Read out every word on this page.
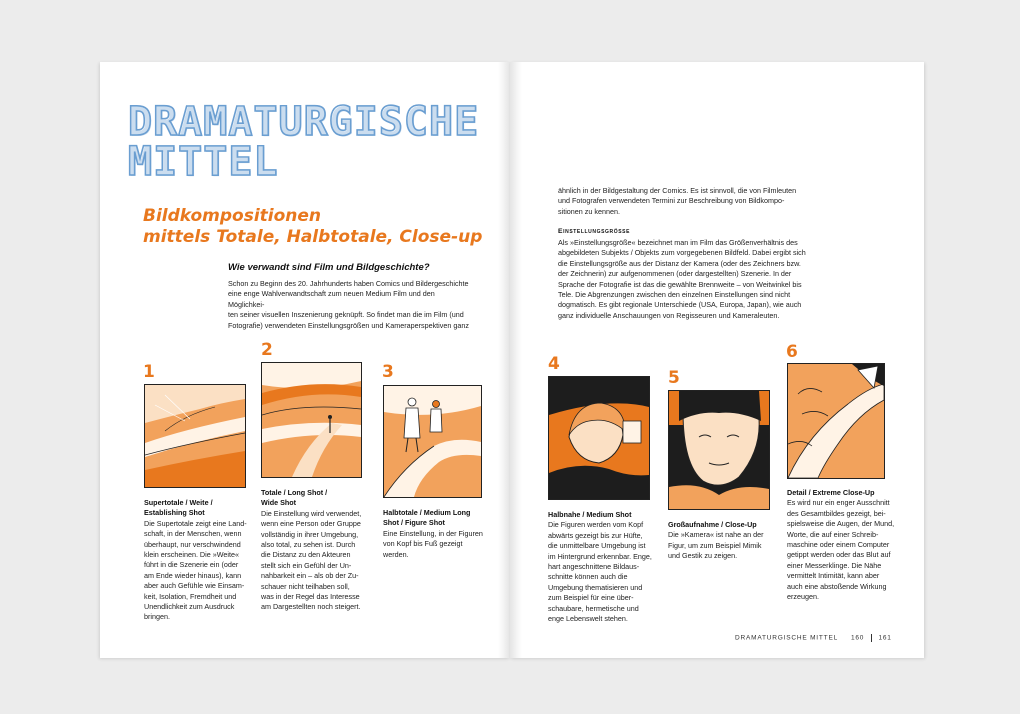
DRAMATURGISCHE
MITTEL
Bildkompositionen
mittels Totale, Halbtotale, Close-up
Wie verwandt sind Film und Bildgeschichte?
Schon zu Beginn des 20. Jahrhunderts haben Comics und Bildergeschichte
eine enge Wahlverwandtschaft zum neuen Medium Film und den Möglichkei-
ten seiner visuellen Inszenierung geknüpft. So findet man die im Film (und
Fotografie) verwendeten Einstellungsgrößen und Kameraperspektiven ganz
ähnlich in der Bildgestaltung der Comics. Es ist sinnvoll, die von Filmleuten
und Fotografen verwendeten Termini zur Beschreibung von Bildkompo-
sitionen zu kennen.
Einstellungsgrösse
Als »Einstellungsgröße« bezeichnet man im Film das Größenverhältnis des
abgebildeten Subjekts / Objekts zum vorgegebenen Bildfeld. Dabei ergibt sich
die Einstellungsgröße aus der Distanz der Kamera (oder des Zeichners bzw.
der Zeichnerin) zur aufgenommenen (oder dargestellten) Szenerie. In der
Sprache der Fotografie ist das die gewählte Brennweite – von Weitwinkel bis
Tele. Die Abgrenzungen zwischen den einzelnen Einstellungen sind nicht
dogmatisch. Es gibt regionale Unterschiede (USA, Europa, Japan), wie auch
ganz individuelle Anschauungen von Regisseuren und Kameraleuten.
1
Supertotale / Weite /
Establishing Shot
Die Supertotale zeigt eine Land-
schaft, in der Menschen, wenn
überhaupt, nur verschwindend
klein erscheinen. Die »Weite«
führt in die Szenerie ein (oder
am Ende wieder hinaus), kann
aber auch Gefühle wie Einsam-
keit, Isolation, Fremdheit und
Unendlichkeit zum Ausdruck
bringen.
2
Totale / Long Shot /
Wide Shot
Die Einstellung wird verwendet,
wenn eine Person oder Gruppe
vollständig in ihrer Umgebung,
also total, zu sehen ist. Durch
die Distanz zu den Akteuren
stellt sich ein Gefühl der Un-
nahbarkeit ein – als ob der Zu-
schauer nicht teilhaben soll,
was in der Regel das Interesse
am Dargestellten noch steigert.
3
Halbtotale / Medium Long
Shot / Figure Shot
Eine Einstellung, in der Figuren
von Kopf bis Fuß gezeigt
werden.
4
Halbnahe / Medium Shot
Die Figuren werden vom Kopf
abwärts gezeigt bis zur Hüfte,
die unmittelbare Umgebung ist
im Hintergrund erkennbar. Enge,
hart angeschnittene Bildaus-
schnitte können auch die
Umgebung thematisieren und
zum Beispiel für eine über-
schaubare, hermetische und
enge Lebenswelt stehen.
5
Großaufnahme / Close-Up
Die »Kamera« ist nahe an der
Figur, um zum Beispiel Mimik
und Gestik zu zeigen.
6
Detail / Extreme Close-Up
Es wird nur ein enger Ausschnitt
des Gesamtbildes gezeigt, bei-
spielsweise die Augen, der Mund,
Worte, die auf einer Schreib-
maschine oder einem Computer
getippt werden oder das Blut auf
einer Messerklinge. Die Nähe
vermittelt Intimität, kann aber
auch eine abstoßende Wirkung
erzeugen.
DRAMATURGISCHE MITTEL 160 161
